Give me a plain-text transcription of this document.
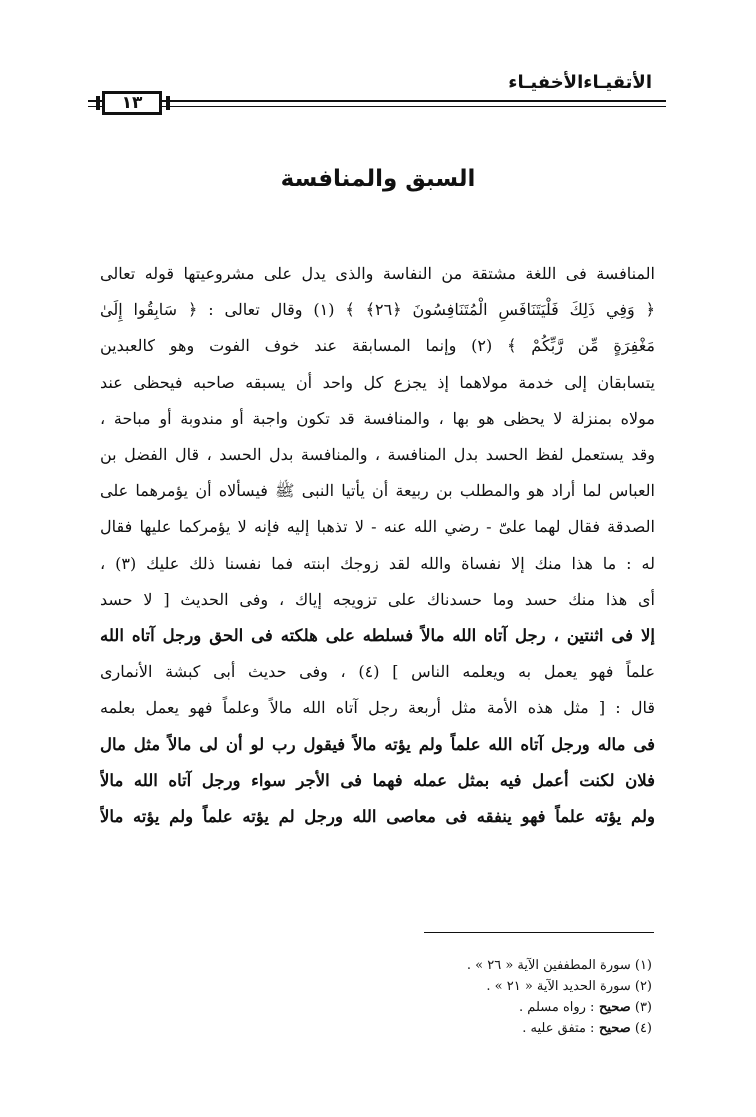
الأتقيـاءالأخفيـاء
١٣
السبق والمنافسة
المنافسة فى اللغة مشتقة من النفاسة والذى يدل على مشروعيتها قوله تعالى
﴿ وَفِي ذَلِكَ فَلْيَتَنَافَسِ الْمُتَنَافِسُونَ ﴿٢٦﴾ ﴾ (١) وقال تعالى : ﴿ سَابِقُوا إِلَىٰ
مَغْفِرَةٍ مِّن رَّبِّكُمْ ﴾ (٢) وإنما المسابقة عند خوف الفوت وهو كالعبدين
يتسابقان إلى خدمة مولاهما إذ يجزع كل واحد أن يسبقه صاحبه فيحظى عند
مولاه بمنزلة لا يحظى هو بها ، والمنافسة قد تكون واجبة أو مندوبة أو مباحة ،
وقد يستعمل لفظ الحسد بدل المنافسة ، والمنافسة بدل الحسد ، قال الفضل بن
العباس لما أراد هو والمطلب بن ربيعة أن يأتيا النبى ﷺ فيسألاه أن يؤمرهما على
الصدقة فقال لهما علىّ - رضي الله عنه - لا تذهبا إليه فإنه لا يؤمركما عليها فقال
له : ما هذا منك إلا نفساة والله لقد زوجك ابنته فما نفسنا ذلك عليك (٣) ،
أى هذا منك حسد وما حسدناك على تزويجه إياك ، وفى الحديث [ لا حسد
إلا فى اثنتين ، رجل آتاه الله مالاً فسلطه على هلكته فى الحق ورجل آتاه الله
علماً فهو يعمل به ويعلمه الناس ] (٤) ، وفى حديث أبى كبشة الأنمارى
قال : [ مثل هذه الأمة مثل أربعة رجل آتاه الله مالاً وعلماً فهو يعمل بعلمه
فى ماله ورجل آتاه الله علماً ولم يؤته مالاً فيقول رب لو أن لى مالاً مثل مال
فلان لكنت أعمل فيه بمثل عمله فهما فى الأجر سواء ورجل آتاه الله مالاً
ولم يؤته علماً فهو ينفقه فى معاصى الله ورجل لم يؤته علماً ولم يؤته مالاً
(١) سورة المطففين الآية « ٢٦ » .
(٢) سورة الحديد الآية « ٢١ » .
(٣) صحيح : رواه مسلم .
(٤) صحيح : متفق عليه .
